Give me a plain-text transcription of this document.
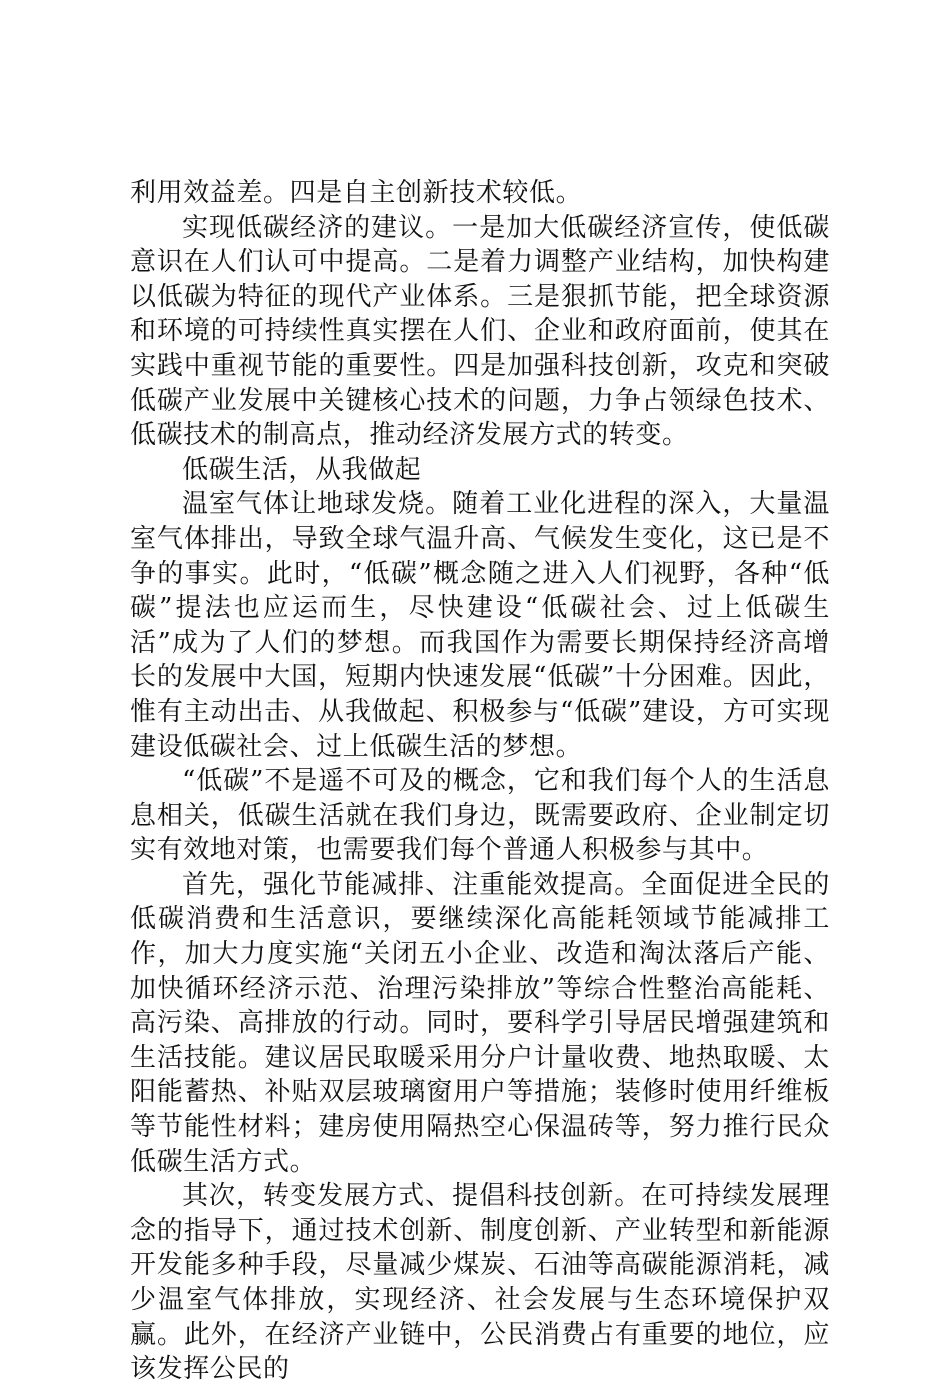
利用效益差。四是自主创新技术较低。

实现低碳经济的建议。一是加大低碳经济宣传，使低碳意识在人们认可中提高。二是着力调整产业结构，加快构建以低碳为特征的现代产业体系。三是狠抓节能，把全球资源和环境的可持续性真实摆在人们、企业和政府面前，使其在实践中重视节能的重要性。四是加强科技创新，攻克和突破低碳产业发展中关键核心技术的问题，力争占领绿色技术、低碳技术的制高点，推动经济发展方式的转变。

低碳生活，从我做起

温室气体让地球发烧。随着工业化进程的深入，大量温室气体排出，导致全球气温升高、气候发生变化，这已是不争的事实。此时，“低碳”概念随之进入人们视野，各种“低碳”提法也应运而生，尽快建设“低碳社会、过上低碳生活”成为了人们的梦想。而我国作为需要长期保持经济高增长的发展中大国，短期内快速发展“低碳”十分困难。因此，惟有主动出击、从我做起、积极参与“低碳”建设，方可实现建设低碳社会、过上低碳生活的梦想。

“低碳”不是遥不可及的概念，它和我们每个人的生活息息相关，低碳生活就在我们身边，既需要政府、企业制定切实有效地对策，也需要我们每个普通人积极参与其中。

首先，强化节能减排、注重能效提高。全面促进全民的低碳消费和生活意识，要继续深化高能耗领域节能减排工作，加大力度实施“关闭五小企业、改造和淘汰落后产能、加快循环经济示范、治理污染排放”等综合性整治高能耗、高污染、高排放的行动。同时，要科学引导居民增强建筑和生活技能。建议居民取暖采用分户计量收费、地热取暖、太阳能蓄热、补贴双层玻璃窗用户等措施；装修时使用纤维板等节能性材料；建房使用隔热空心保温砖等，努力推行民众低碳生活方式。

其次，转变发展方式、提倡科技创新。在可持续发展理念的指导下，通过技术创新、制度创新、产业转型和新能源开发能多种手段，尽量减少煤炭、石油等高碳能源消耗，减少温室气体排放，实现经济、社会发展与生态环境保护双赢。此外，在经济产业链中，公民消费占有重要的地位，应该发挥公民的
